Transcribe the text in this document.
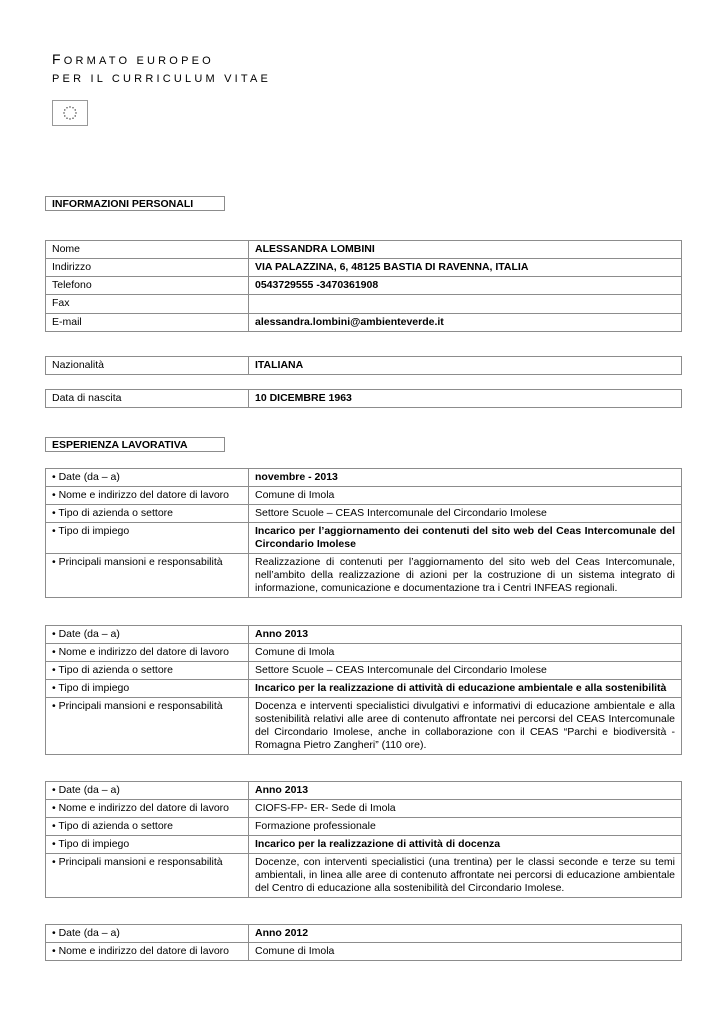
FORMATO EUROPEO
PER IL CURRICULUM VITAE
INFORMAZIONI PERSONALI
Nome	ALESSANDRA LOMBINI
Indirizzo	VIA PALAZZINA, 6, 48125 BASTIA DI RAVENNA, ITALIA
Telefono	0543729555 -3470361908
Fax	
E-mail	alessandra.lombini@ambienteverde.it
Nazionalità	ITALIANA
Data di nascita	10 DICEMBRE 1963
ESPERIENZA LAVORATIVA
• Date (da – a)	novembre - 2013
• Nome e indirizzo del datore di lavoro	Comune di Imola
• Tipo di azienda o settore	Settore Scuole – CEAS Intercomunale del Circondario Imolese
• Tipo di impiego	Incarico per l’aggiornamento dei contenuti del sito web del Ceas Intercomunale del Circondario Imolese
• Principali mansioni e responsabilità	Realizzazione di contenuti per l’aggiornamento del sito web del Ceas Intercomunale, nell’ambito della realizzazione di azioni per la costruzione di un sistema integrato di informazione, comunicazione e documentazione tra i Centri INFEAS regionali.
• Date (da – a)	Anno 2013
• Nome e indirizzo del datore di lavoro	Comune di Imola
• Tipo di azienda o settore	Settore Scuole – CEAS Intercomunale del Circondario Imolese
• Tipo di impiego	Incarico per la realizzazione di attività di educazione ambientale e alla sostenibilità
• Principali mansioni e responsabilità	Docenza e interventi specialistici divulgativi e informativi di educazione ambientale e alla sostenibilità relativi alle aree di contenuto affrontate nei percorsi del CEAS Intercomunale del Circondario Imolese, anche in collaborazione con il CEAS “Parchi e biodiversità - Romagna Pietro Zangheri” (110 ore).
• Date (da – a)	Anno 2013
• Nome e indirizzo del datore di lavoro	CIOFS-FP- ER- Sede di Imola
• Tipo di azienda o settore	Formazione professionale
• Tipo di impiego	Incarico per la realizzazione di attività di docenza
• Principali mansioni e responsabilità	Docenze, con interventi specialistici (una trentina) per le classi seconde e terze su temi ambientali, in linea alle aree di contenuto affrontate nei percorsi di educazione ambientale del Centro di educazione alla sostenibilità del Circondario Imolese.
• Date (da – a)	Anno 2012
• Nome e indirizzo del datore di lavoro	Comune di Imola
